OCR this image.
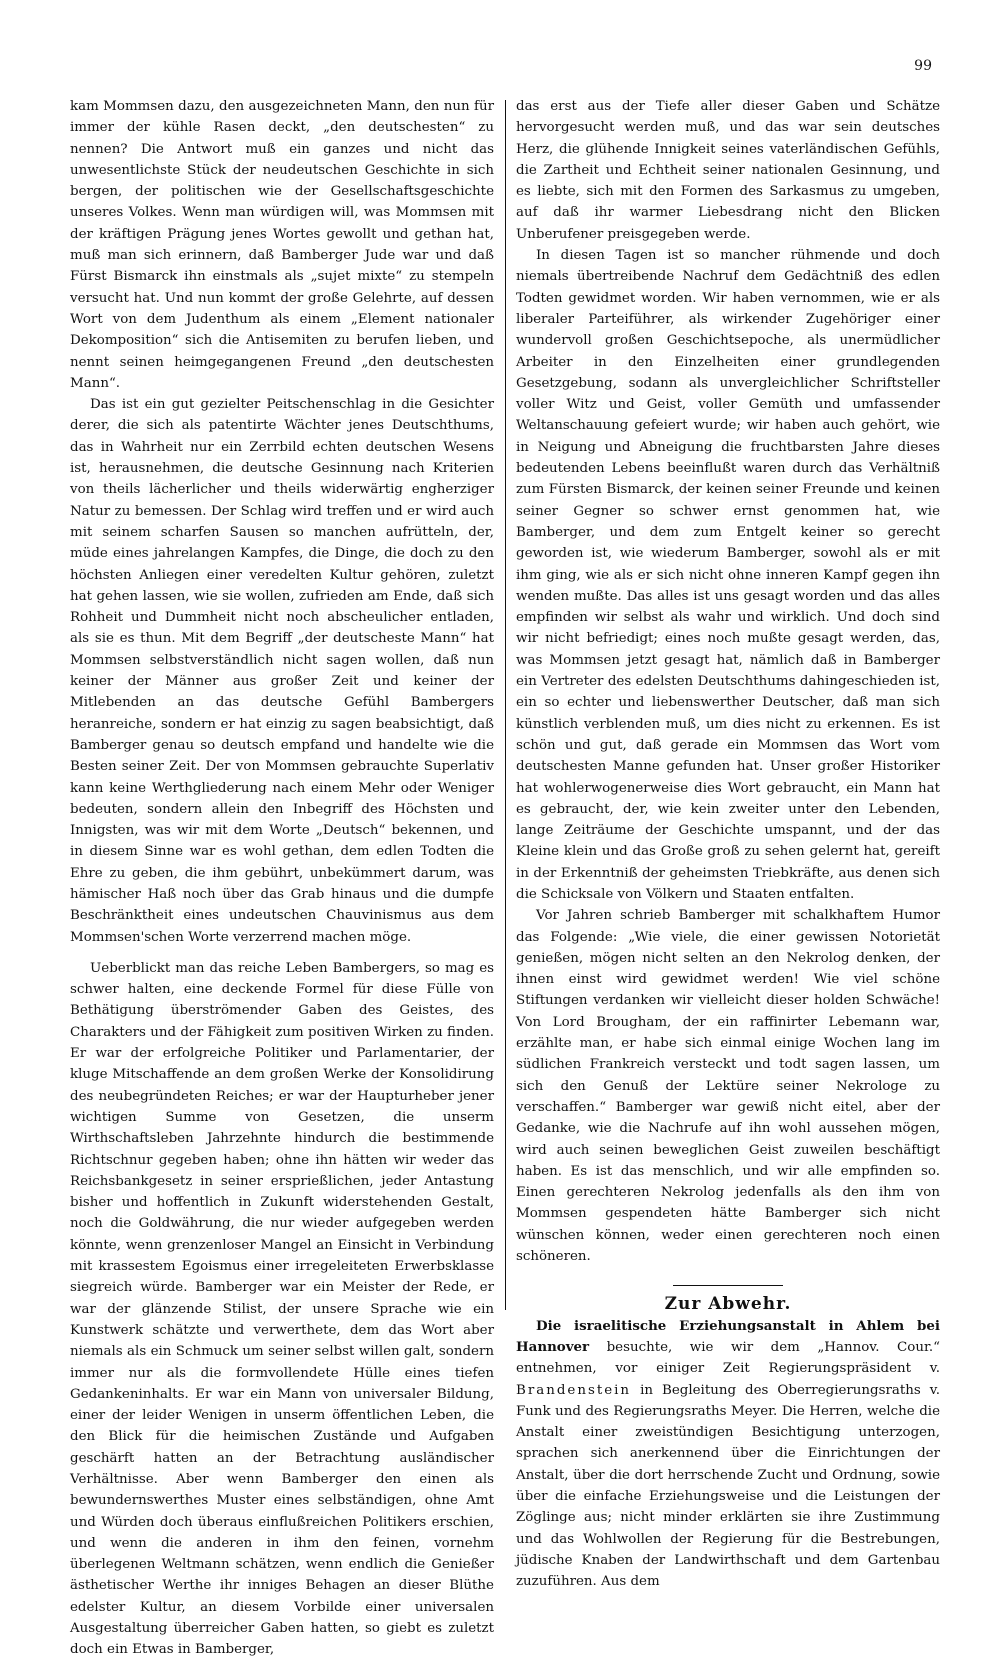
99

kam Mommsen dazu, den ausgezeichneten Mann, den nun für immer der kühle Rasen deckt, „den deutschesten“ zu nennen? Die Antwort muß ein ganzes und nicht das unwesentlichste Stück der neudeutschen Geschichte in sich bergen, der politischen wie der Gesellschaftsgeschichte unseres Volkes. Wenn man würdigen will, was Mommsen mit der kräftigen Prägung jenes Wortes gewollt und gethan hat, muß man sich erinnern, daß Bamberger Jude war und daß Fürst Bismarck ihn einstmals als „sujet mixte“ zu stempeln versucht hat. Und nun kommt der große Gelehrte, auf dessen Wort von dem Judenthum als einem „Element nationaler Dekomposition“ sich die Antisemiten zu berufen lieben, und nennt seinen heimgegangenen Freund „den deutschesten Mann“.

Das ist ein gut gezielter Peitschenschlag in die Gesichter derer, die sich als patentirte Wächter jenes Deutschthums, das in Wahrheit nur ein Zerrbild echten deutschen Wesens ist, herausnehmen, die deutsche Gesinnung nach Kriterien von theils lächerlicher und theils widerwärtig engherziger Natur zu bemessen. Der Schlag wird treffen und er wird auch mit seinem scharfen Sausen so manchen aufrütteln, der, müde eines jahrelangen Kampfes, die Dinge, die doch zu den höchsten Anliegen einer veredelten Kultur gehören, zuletzt hat gehen lassen, wie sie wollen, zufrieden am Ende, daß sich Rohheit und Dummheit nicht noch abscheulicher entladen, als sie es thun. Mit dem Begriff „der deutscheste Mann“ hat Mommsen selbstverständlich nicht sagen wollen, daß nun keiner der Männer aus großer Zeit und keiner der Mitlebenden an das deutsche Gefühl Bambergers heranreiche, sondern er hat einzig zu sagen beabsichtigt, daß Bamberger genau so deutsch empfand und handelte wie die Besten seiner Zeit. Der von Mommsen gebrauchte Superlativ kann keine Werthgliederung nach einem Mehr oder Weniger bedeuten, sondern allein den Inbegriff des Höchsten und Innigsten, was wir mit dem Worte „Deutsch“ bekennen, und in diesem Sinne war es wohl gethan, dem edlen Todten die Ehre zu geben, die ihm gebührt, unbekümmert darum, was hämischer Haß noch über das Grab hinaus und die dumpfe Beschränktheit eines undeutschen Chauvinismus aus dem Mommsen'schen Worte verzerrend machen möge.

Ueberblickt man das reiche Leben Bambergers, so mag es schwer halten, eine deckende Formel für diese Fülle von Bethätigung überströmender Gaben des Geistes, des Charakters und der Fähigkeit zum positiven Wirken zu finden. Er war der erfolgreiche Politiker und Parlamentarier, der kluge Mitschaffende an dem großen Werke der Konsolidirung des neubegründeten Reiches; er war der Haupturheber jener wichtigen Summe von Gesetzen, die unserm Wirthschaftsleben Jahrzehnte hindurch die bestimmende Richtschnur gegeben haben; ohne ihn hätten wir weder das Reichsbankgesetz in seiner ersprießlichen, jeder Antastung bisher und hoffentlich in Zukunft widerstehenden Gestalt, noch die Goldwährung, die nur wieder aufgegeben werden könnte, wenn grenzenloser Mangel an Einsicht in Verbindung mit krassestem Egoismus einer irregeleiteten Erwerbsklasse siegreich würde. Bamberger war ein Meister der Rede, er war der glänzende Stilist, der unsere Sprache wie ein Kunstwerk schätzte und verwerthete, dem das Wort aber niemals als ein Schmuck um seiner selbst willen galt, sondern immer nur als die formvollendete Hülle eines tiefen Gedankeninhalts. Er war ein Mann von universaler Bildung, einer der leider Wenigen in unserm öffentlichen Leben, die den Blick für die heimischen Zustände und Aufgaben geschärft hatten an der Betrachtung ausländischer Verhältnisse. Aber wenn Bamberger den einen als bewundernswerthes Muster eines selbständigen, ohne Amt und Würden doch überaus einflußreichen Politikers erschien, und wenn die anderen in ihm den feinen, vornehm überlegenen Weltmann schätzen, wenn endlich die Genießer ästhetischer Werthe ihr inniges Behagen an dieser Blüthe edelster Kultur, an diesem Vorbilde einer universalen Ausgestaltung überreicher Gaben hatten, so giebt es zuletzt doch ein Etwas in Bamberger,

das erst aus der Tiefe aller dieser Gaben und Schätze hervorgesucht werden muß, und das war sein deutsches Herz, die glühende Innigkeit seines vaterländischen Gefühls, die Zartheit und Echtheit seiner nationalen Gesinnung, und es liebte, sich mit den Formen des Sarkasmus zu umgeben, auf daß ihr warmer Liebesdrang nicht den Blicken Unberufener preisgegeben werde.

In diesen Tagen ist so mancher rühmende und doch niemals übertreibende Nachruf dem Gedächtniß des edlen Todten gewidmet worden. Wir haben vernommen, wie er als liberaler Parteiführer, als wirkender Zugehöriger einer wundervoll großen Geschichtsepoche, als unermüdlicher Arbeiter in den Einzelheiten einer grundlegenden Gesetzgebung, sodann als unvergleichlicher Schriftsteller voller Witz und Geist, voller Gemüth und umfassender Weltanschauung gefeiert wurde; wir haben auch gehört, wie in Neigung und Abneigung die fruchtbarsten Jahre dieses bedeutenden Lebens beeinflußt waren durch das Verhältniß zum Fürsten Bismarck, der keinen seiner Freunde und keinen seiner Gegner so schwer ernst genommen hat, wie Bamberger, und dem zum Entgelt keiner so gerecht geworden ist, wie wiederum Bamberger, sowohl als er mit ihm ging, wie als er sich nicht ohne inneren Kampf gegen ihn wenden mußte. Das alles ist uns gesagt worden und das alles empfinden wir selbst als wahr und wirklich. Und doch sind wir nicht befriedigt; eines noch mußte gesagt werden, das, was Mommsen jetzt gesagt hat, nämlich daß in Bamberger ein Vertreter des edelsten Deutschthums dahingeschieden ist, ein so echter und liebenswerther Deutscher, daß man sich künstlich verblenden muß, um dies nicht zu erkennen. Es ist schön und gut, daß gerade ein Mommsen das Wort vom deutschesten Manne gefunden hat. Unser großer Historiker hat wohlerwogenerweise dies Wort gebraucht, ein Mann hat es gebraucht, der, wie kein zweiter unter den Lebenden, lange Zeiträume der Geschichte umspannt, und der das Kleine klein und das Große groß zu sehen gelernt hat, gereift in der Erkenntniß der geheimsten Triebkräfte, aus denen sich die Schicksale von Völkern und Staaten entfalten.

Vor Jahren schrieb Bamberger mit schalkhaftem Humor das Folgende: „Wie viele, die einer gewissen Notorietät genießen, mögen nicht selten an den Nekrolog denken, der ihnen einst wird gewidmet werden! Wie viel schöne Stiftungen verdanken wir vielleicht dieser holden Schwäche! Von Lord Brougham, der ein raffinirter Lebemann war, erzählte man, er habe sich einmal einige Wochen lang im südlichen Frankreich versteckt und todt sagen lassen, um sich den Genuß der Lektüre seiner Nekrologe zu verschaffen.“ Bamberger war gewiß nicht eitel, aber der Gedanke, wie die Nachrufe auf ihn wohl aussehen mögen, wird auch seinen beweglichen Geist zuweilen beschäftigt haben. Es ist das menschlich, und wir alle empfinden so. Einen gerechteren Nekrolog jedenfalls als den ihm von Mommsen gespendeten hätte Bamberger sich nicht wünschen können, weder einen gerechteren noch einen schöneren.

Zur Abwehr.

Die israelitische Erziehungsanstalt in Ahlem bei Hannover besuchte, wie wir dem „Hannov. Cour.“ entnehmen, vor einiger Zeit Regierungspräsident v. Brandenstein in Begleitung des Oberregierungsraths v. Funk und des Regierungsraths Meyer. Die Herren, welche die Anstalt einer zweistündigen Besichtigung unterzogen, sprachen sich anerkennend über die Einrichtungen der Anstalt, über die dort herrschende Zucht und Ordnung, sowie über die einfache Erziehungsweise und die Leistungen der Zöglinge aus; nicht minder erklärten sie ihre Zustimmung und das Wohlwollen der Regierung für die Bestrebungen, jüdische Knaben der Landwirthschaft und dem Gartenbau zuzuführen. Aus dem
